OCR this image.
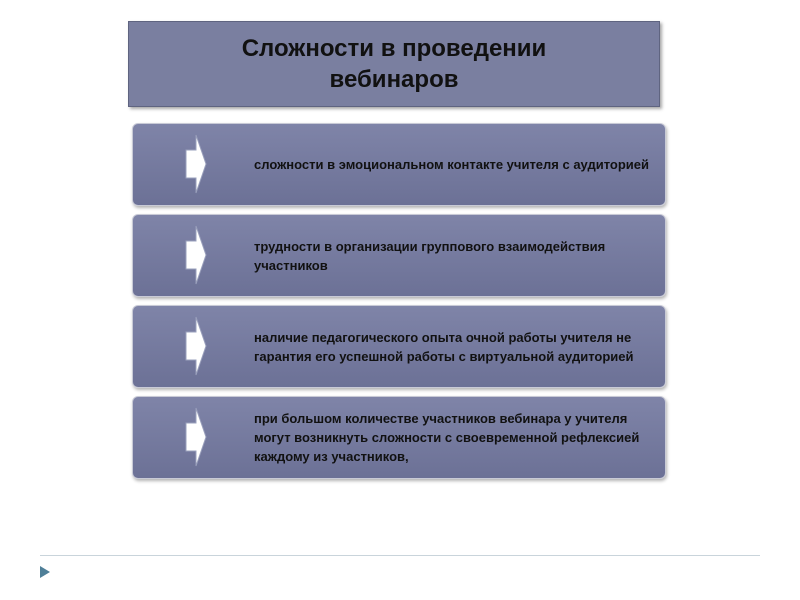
Сложности в проведении вебинаров
сложности в эмоциональном контакте учителя с аудиторией
трудности в организации группового взаимодействия участников
наличие педагогического опыта очной работы учителя не гарантия его успешной работы с виртуальной аудиторией
при большом количестве участников вебинара у учителя могут возникнуть сложности с своевременной рефлексией каждому из участников,
